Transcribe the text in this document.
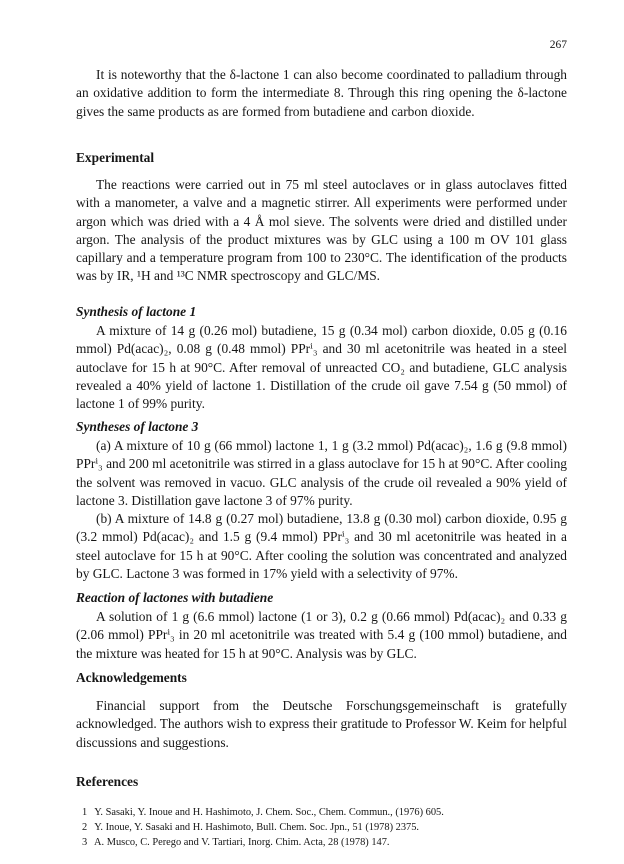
267

It is noteworthy that the δ-lactone 1 can also become coordinated to palladium through an oxidative addition to form the intermediate 8. Through this ring opening the δ-lactone gives the same products as are formed from butadiene and carbon dioxide.

Experimental

The reactions were carried out in 75 ml steel autoclaves or in glass autoclaves fitted with a manometer, a valve and a magnetic stirrer. All experiments were performed under argon which was dried with a 4 Å mol sieve. The solvents were dried and distilled under argon. The analysis of the product mixtures was by GLC using a 100 m OV 101 glass capillary and a temperature program from 100 to 230°C. The identification of the products was by IR, ¹H and ¹³C NMR spectroscopy and GLC/MS.

Synthesis of lactone 1

A mixture of 14 g (0.26 mol) butadiene, 15 g (0.34 mol) carbon dioxide, 0.05 g (0.16 mmol) Pd(acac)₂, 0.08 g (0.48 mmol) PPrⁱ₃ and 30 ml acetonitrile was heated in a steel autoclave for 15 h at 90°C. After removal of unreacted CO₂ and butadiene, GLC analysis revealed a 40% yield of lactone 1. Distillation of the crude oil gave 7.54 g (50 mmol) of lactone 1 of 99% purity.

Syntheses of lactone 3

(a) A mixture of 10 g (66 mmol) lactone 1, 1 g (3.2 mmol) Pd(acac)₂, 1.6 g (9.8 mmol) PPrⁱ₃ and 200 ml acetonitrile was stirred in a glass autoclave for 15 h at 90°C. After cooling the solvent was removed in vacuo. GLC analysis of the crude oil revealed a 90% yield of lactone 3. Distillation gave lactone 3 of 97% purity.

(b) A mixture of 14.8 g (0.27 mol) butadiene, 13.8 g (0.30 mol) carbon dioxide, 0.95 g (3.2 mmol) Pd(acac)₂ and 1.5 g (9.4 mmol) PPrⁱ₃ and 30 ml acetonitrile was heated in a steel autoclave for 15 h at 90°C. After cooling the solution was concentrated and analyzed by GLC. Lactone 3 was formed in 17% yield with a selectivity of 97%.

Reaction of lactones with butadiene

A solution of 1 g (6.6 mmol) lactone (1 or 3), 0.2 g (0.66 mmol) Pd(acac)₂ and 0.33 g (2.06 mmol) PPrⁱ₃ in 20 ml acetonitrile was treated with 5.4 g (100 mmol) butadiene, and the mixture was heated for 15 h at 90°C. Analysis was by GLC.

Acknowledgements

Financial support from the Deutsche Forschungsgemeinschaft is gratefully acknowledged. The authors wish to express their gratitude to Professor W. Keim for helpful discussions and suggestions.

References
1 Y. Sasaki, Y. Inoue and H. Hashimoto, J. Chem. Soc., Chem. Commun., (1976) 605.
2 Y. Inoue, Y. Sasaki and H. Hashimoto, Bull. Chem. Soc. Jpn., 51 (1978) 2375.
3 A. Musco, C. Perego and V. Tartiari, Inorg. Chim. Acta, 28 (1978) 147.
